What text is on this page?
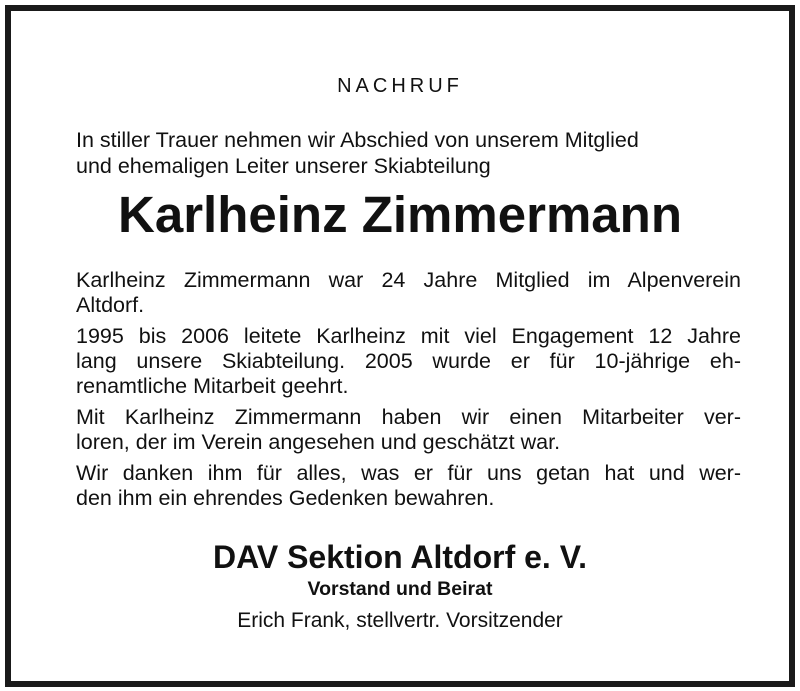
NACHRUF

In stiller Trauer nehmen wir Abschied von unserem Mitglied

und ehemaligen Leiter unserer Skiabteilung

Karlheinz Zimmermann
Karlheinz Zimmermann war 24 Jahre Mitglied im Alpenverein
Altdorf.
1995 bis 2006 leitete Karlheinz mit viel Engagement 12 Jahre
lang unsere Skiabteilung. 2005 wurde er für 10-jährige eh-
renamtliche Mitarbeit geehrt.
Mit Karlheinz Zimmermann haben wir einen Mitarbeiter ver-
loren, der im Verein angesehen und geschätzt war.
Wir danken ihm für alles, was er für uns getan hat und wer-
den ihm ein ehrendes Gedenken bewahren.
DAV Sektion Altdorf e. V.
Vorstand und Beirat
Erich Frank, stellvertr. Vorsitzender
